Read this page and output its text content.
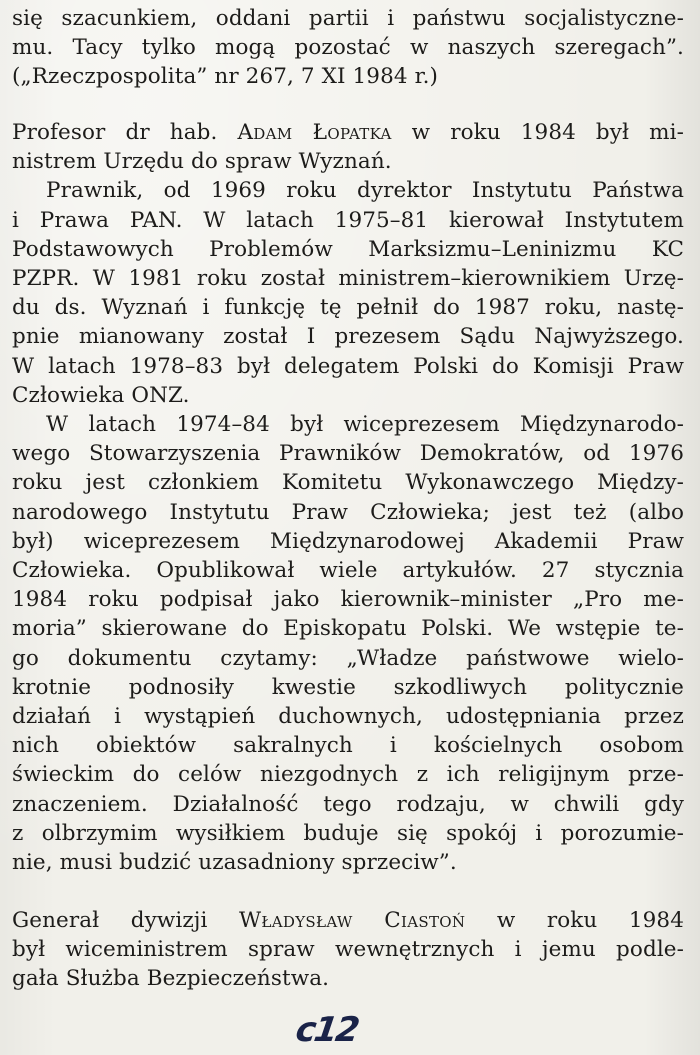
się szacunkiem, oddani partii i państwu socjalistyczne-
mu. Tacy tylko mogą pozostać w naszych szeregach”.
(„Rzeczpospolita” nr 267, 7 XI 1984 r.)
Profesor dr hab. Adam Łopatka w roku 1984 był mi-
nistrem Urzędu do spraw Wyznań.
Prawnik, od 1969 roku dyrektor Instytutu Państwa
i Prawa PAN. W latach 1975–81 kierował Instytutem
Podstawowych Problemów Marksizmu–Leninizmu KC
PZPR. W 1981 roku został ministrem–kierownikiem Urzę-
du ds. Wyznań i funkcję tę pełnił do 1987 roku, nastę-
pnie mianowany został I prezesem Sądu Najwyższego.
W latach 1978–83 był delegatem Polski do Komisji Praw
Człowieka ONZ.
W latach 1974–84 był wiceprezesem Międzynarodo-
wego Stowarzyszenia Prawników Demokratów, od 1976
roku jest członkiem Komitetu Wykonawczego Między-
narodowego Instytutu Praw Człowieka; jest też (albo
był) wiceprezesem Międzynarodowej Akademii Praw
Człowieka. Opublikował wiele artykułów. 27 stycznia
1984 roku podpisał jako kierownik–minister „Pro me-
moria” skierowane do Episkopatu Polski. We wstępie te-
go dokumentu czytamy: „Władze państwowe wielo-
krotnie podnosiły kwestie szkodliwych politycznie
działań i wystąpień duchownych, udostępniania przez
nich obiektów sakralnych i kościelnych osobom
świeckim do celów niezgodnych z ich religijnym prze-
znaczeniem. Działalność tego rodzaju, w chwili gdy
z olbrzymim wysiłkiem buduje się spokój i porozumie-
nie, musi budzić uzasadniony sprzeciw”.
Generał dywizji Władysław Ciastoń w roku 1984
był wiceministrem spraw wewnętrznych i jemu podle-
gała Służba Bezpieczeństwa.
c12
